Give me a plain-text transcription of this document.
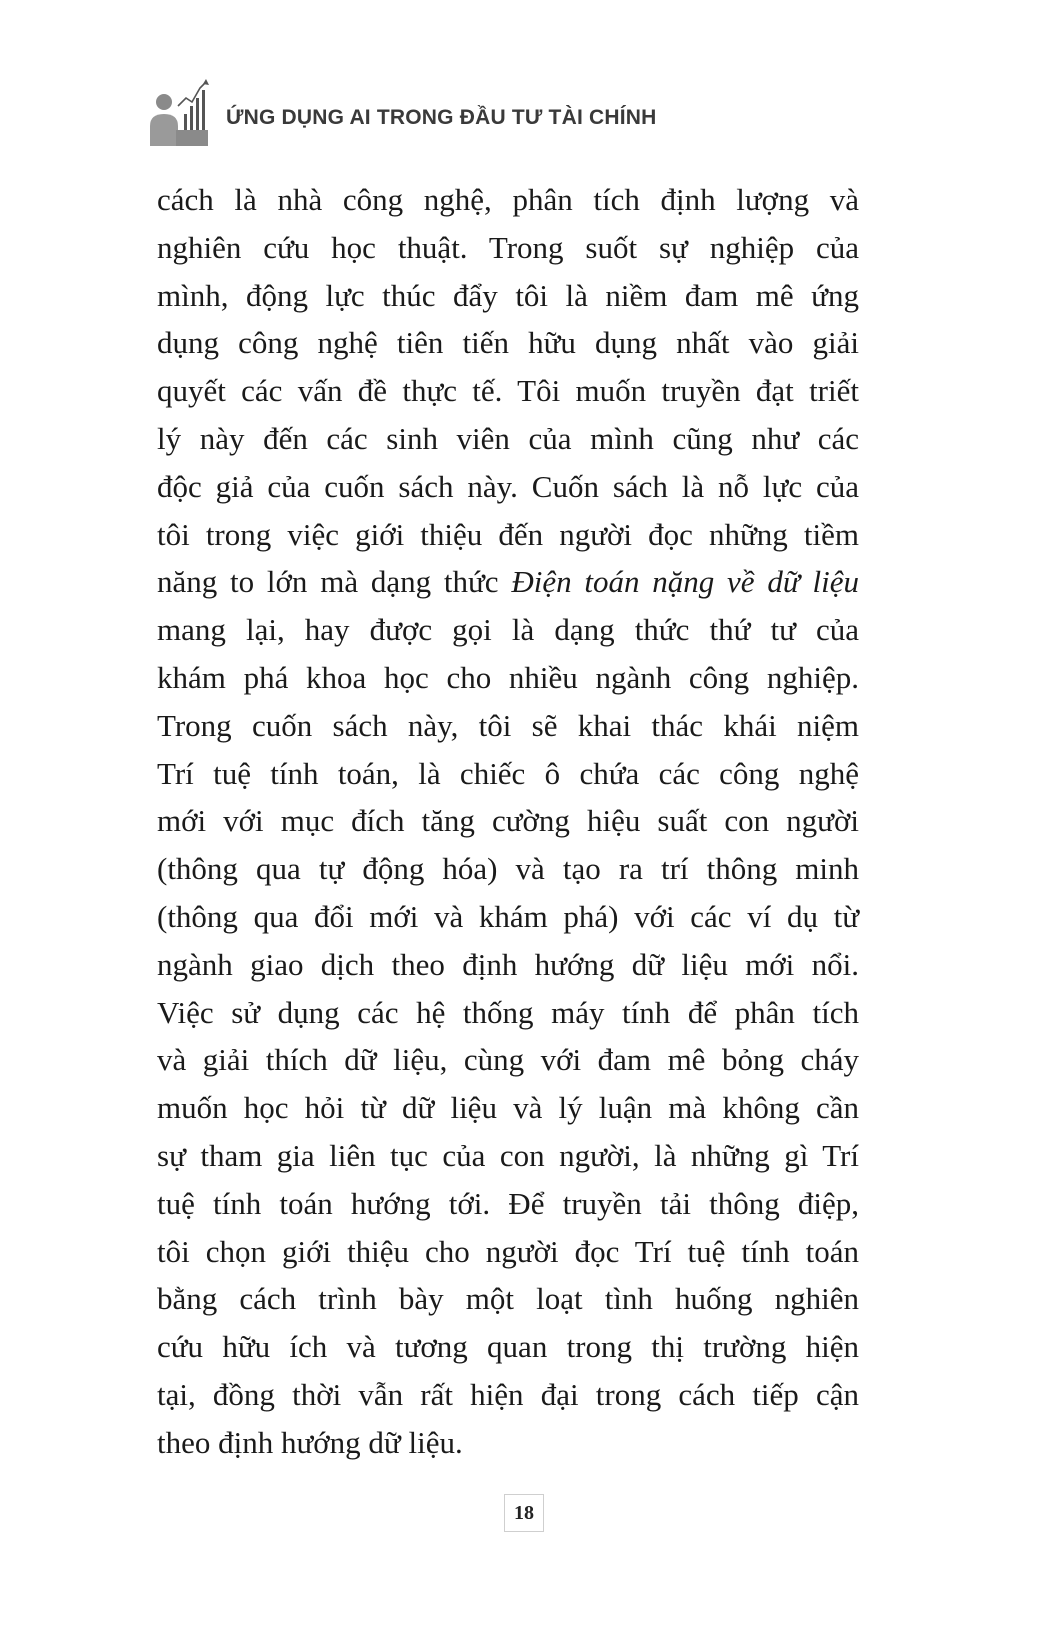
ỨNG DỤNG AI TRONG ĐẦU TƯ TÀI CHÍNH
cách là nhà công nghệ, phân tích định lượng và
nghiên cứu học thuật. Trong suốt sự nghiệp của
mình, động lực thúc đẩy tôi là niềm đam mê ứng
dụng công nghệ tiên tiến hữu dụng nhất vào giải
quyết các vấn đề thực tế. Tôi muốn truyền đạt triết
lý này đến các sinh viên của mình cũng như các
độc giả của cuốn sách này. Cuốn sách là nỗ lực của
tôi trong việc giới thiệu đến người đọc những tiềm
năng to lớn mà dạng thức Điện toán nặng về dữ liệu
mang lại, hay được gọi là dạng thức thứ tư của
khám phá khoa học cho nhiều ngành công nghiệp.
Trong cuốn sách này, tôi sẽ khai thác khái niệm
Trí tuệ tính toán, là chiếc ô chứa các công nghệ
mới với mục đích tăng cường hiệu suất con người
(thông qua tự động hóa) và tạo ra trí thông minh
(thông qua đổi mới và khám phá) với các ví dụ từ
ngành giao dịch theo định hướng dữ liệu mới nổi.
Việc sử dụng các hệ thống máy tính để phân tích
và giải thích dữ liệu, cùng với đam mê bỏng cháy
muốn học hỏi từ dữ liệu và lý luận mà không cần
sự tham gia liên tục của con người, là những gì Trí
tuệ tính toán hướng tới. Để truyền tải thông điệp,
tôi chọn giới thiệu cho người đọc Trí tuệ tính toán
bằng cách trình bày một loạt tình huống nghiên
cứu hữu ích và tương quan trong thị trường hiện
tại, đồng thời vẫn rất hiện đại trong cách tiếp cận
theo định hướng dữ liệu.
18
